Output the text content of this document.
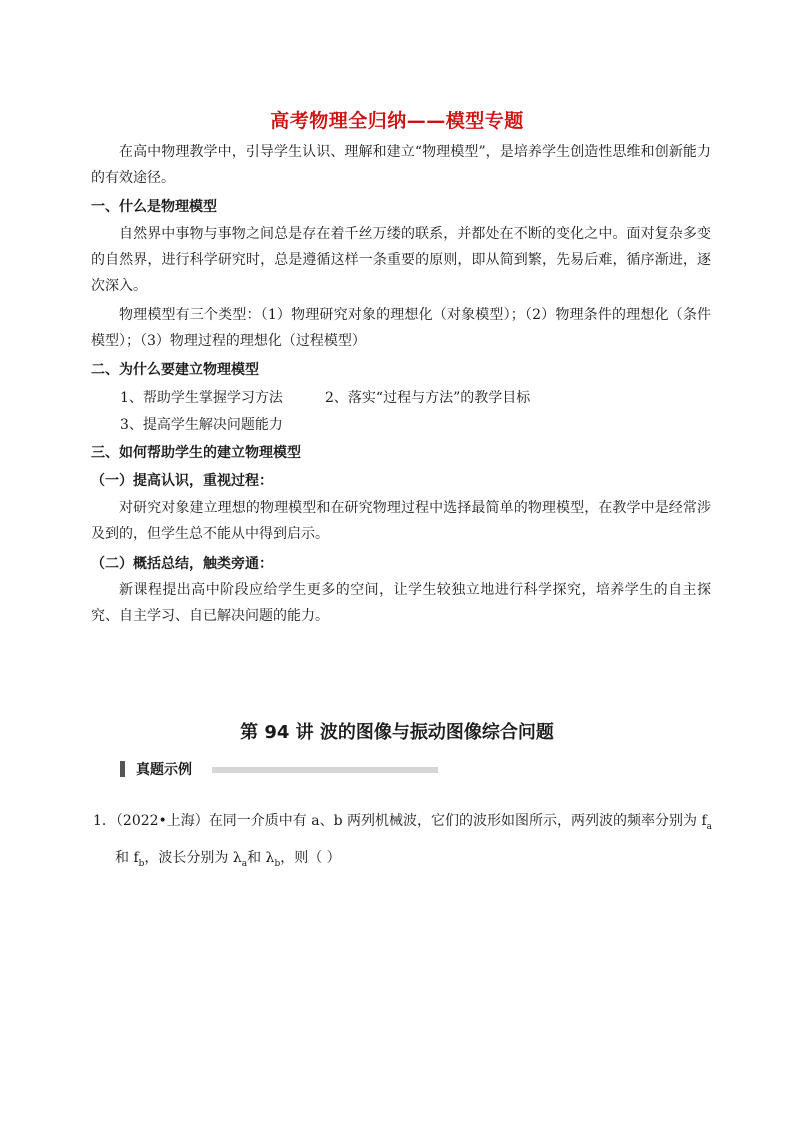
高考物理全归纳——模型专题
在高中物理教学中，引导学生认识、理解和建立“物理模型”，是培养学生创造性思维和创新能力的有效途径。
一、什么是物理模型
自然界中事物与事物之间总是存在着千丝万缕的联系，并都处在不断的变化之中。面对复杂多变的自然界，进行科学研究时，总是遵循这样一条重要的原则，即从简到繁，先易后难，循序渐进，逐次深入。
物理模型有三个类型：（1）物理研究对象的理想化（对象模型）；（2）物理条件的理想化（条件模型）；（3）物理过程的理想化（过程模型）
二、为什么要建立物理模型
1、帮助学生掌握学习方法	2、落实“过程与方法”的教学目标
3、提高学生解决问题能力
三、如何帮助学生的建立物理模型
（一）提高认识，重视过程：
对研究对象建立理想的物理模型和在研究物理过程中选择最简单的物理模型，在教学中是经常涉及到的，但学生总不能从中得到启示。
（二）概括总结，触类旁通：
新课程提出高中阶段应给学生更多的空间，让学生较独立地进行科学探究，培养学生的自主探究、自主学习、自已解决问题的能力。
第 94 讲 波的图像与振动图像综合问题
真题示例
1．（2022•上海）在同一介质中有 a、b 两列机械波，它们的波形如图所示，两列波的频率分别为 $f_a$
和 $f_b$，波长分别为 $\lambda_a$和 $\lambda_b$，则（ ）
